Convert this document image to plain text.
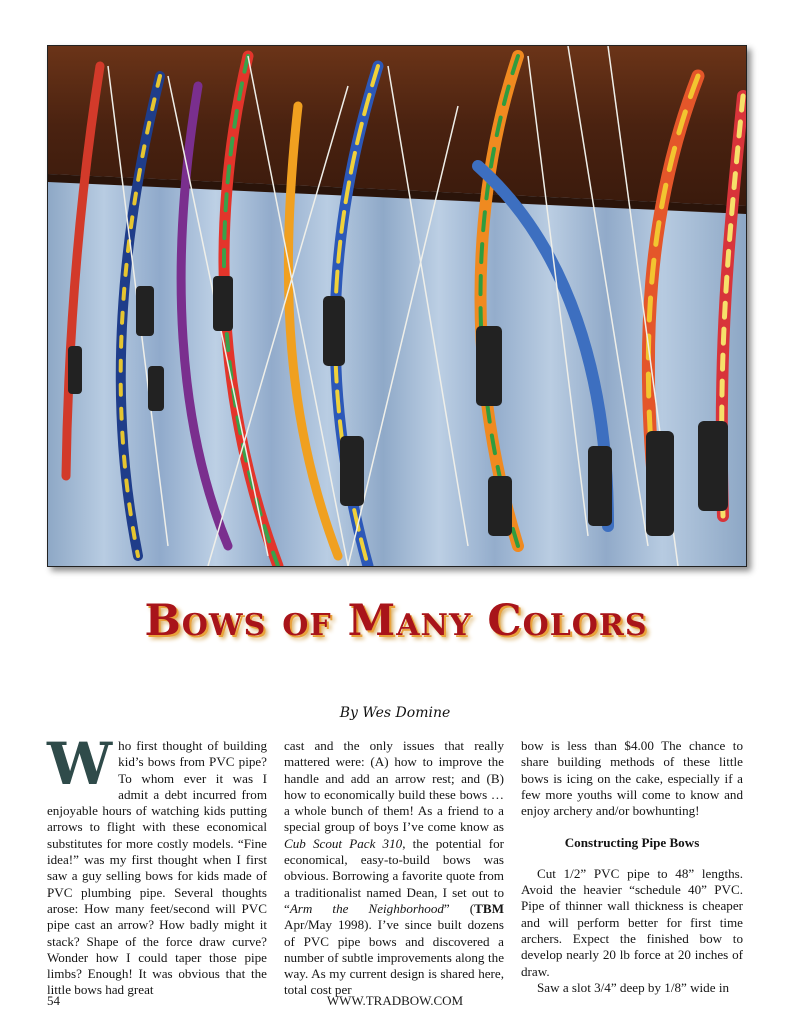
Bows of Many Colors
By Wes Domine

W ho first thought of building kid’s bows from PVC pipe? To whom ever it was I admit a debt incurred from enjoyable hours of watching kids putting arrows to flight with these economical substitutes for more costly models. “Fine idea!” was my first thought when I first saw a guy selling bows for kids made of PVC plumbing pipe. Several thoughts arose: How many feet/second will PVC pipe cast an arrow? How badly might it stack? Shape of the force draw curve? Wonder how I could taper those pipe limbs? Enough! It was obvious that the little bows had great

cast and the only issues that really mattered were: (A) how to improve the handle and add an arrow rest; and (B) how to economically build these bows … a whole bunch of them! As a friend to a special group of boys I’ve come know as Cub Scout Pack 310, the potential for economical, easy-to-build bows was obvious. Borrowing a favorite quote from a traditionalist named Dean, I set out to “Arm the Neighborhood” (TBM Apr/May 1998). I’ve since built dozens of PVC pipe bows and discovered a number of subtle improvements along the way. As my current design is shared here, total cost per

bow is less than $4.00 The chance to share building methods of these little bows is icing on the cake, especially if a few more youths will come to know and enjoy archery and/or bowhunting!

Constructing Pipe Bows

Cut 1/2” PVC pipe to 48” lengths. Avoid the heavier “schedule 40” PVC. Pipe of thinner wall thickness is cheaper and will perform better for first time archers. Expect the finished bow to develop nearly 20 lb force at 20 inches of draw.

Saw a slot 3/4” deep by 1/8” wide in

54	WWW.TRADBOW.COM
